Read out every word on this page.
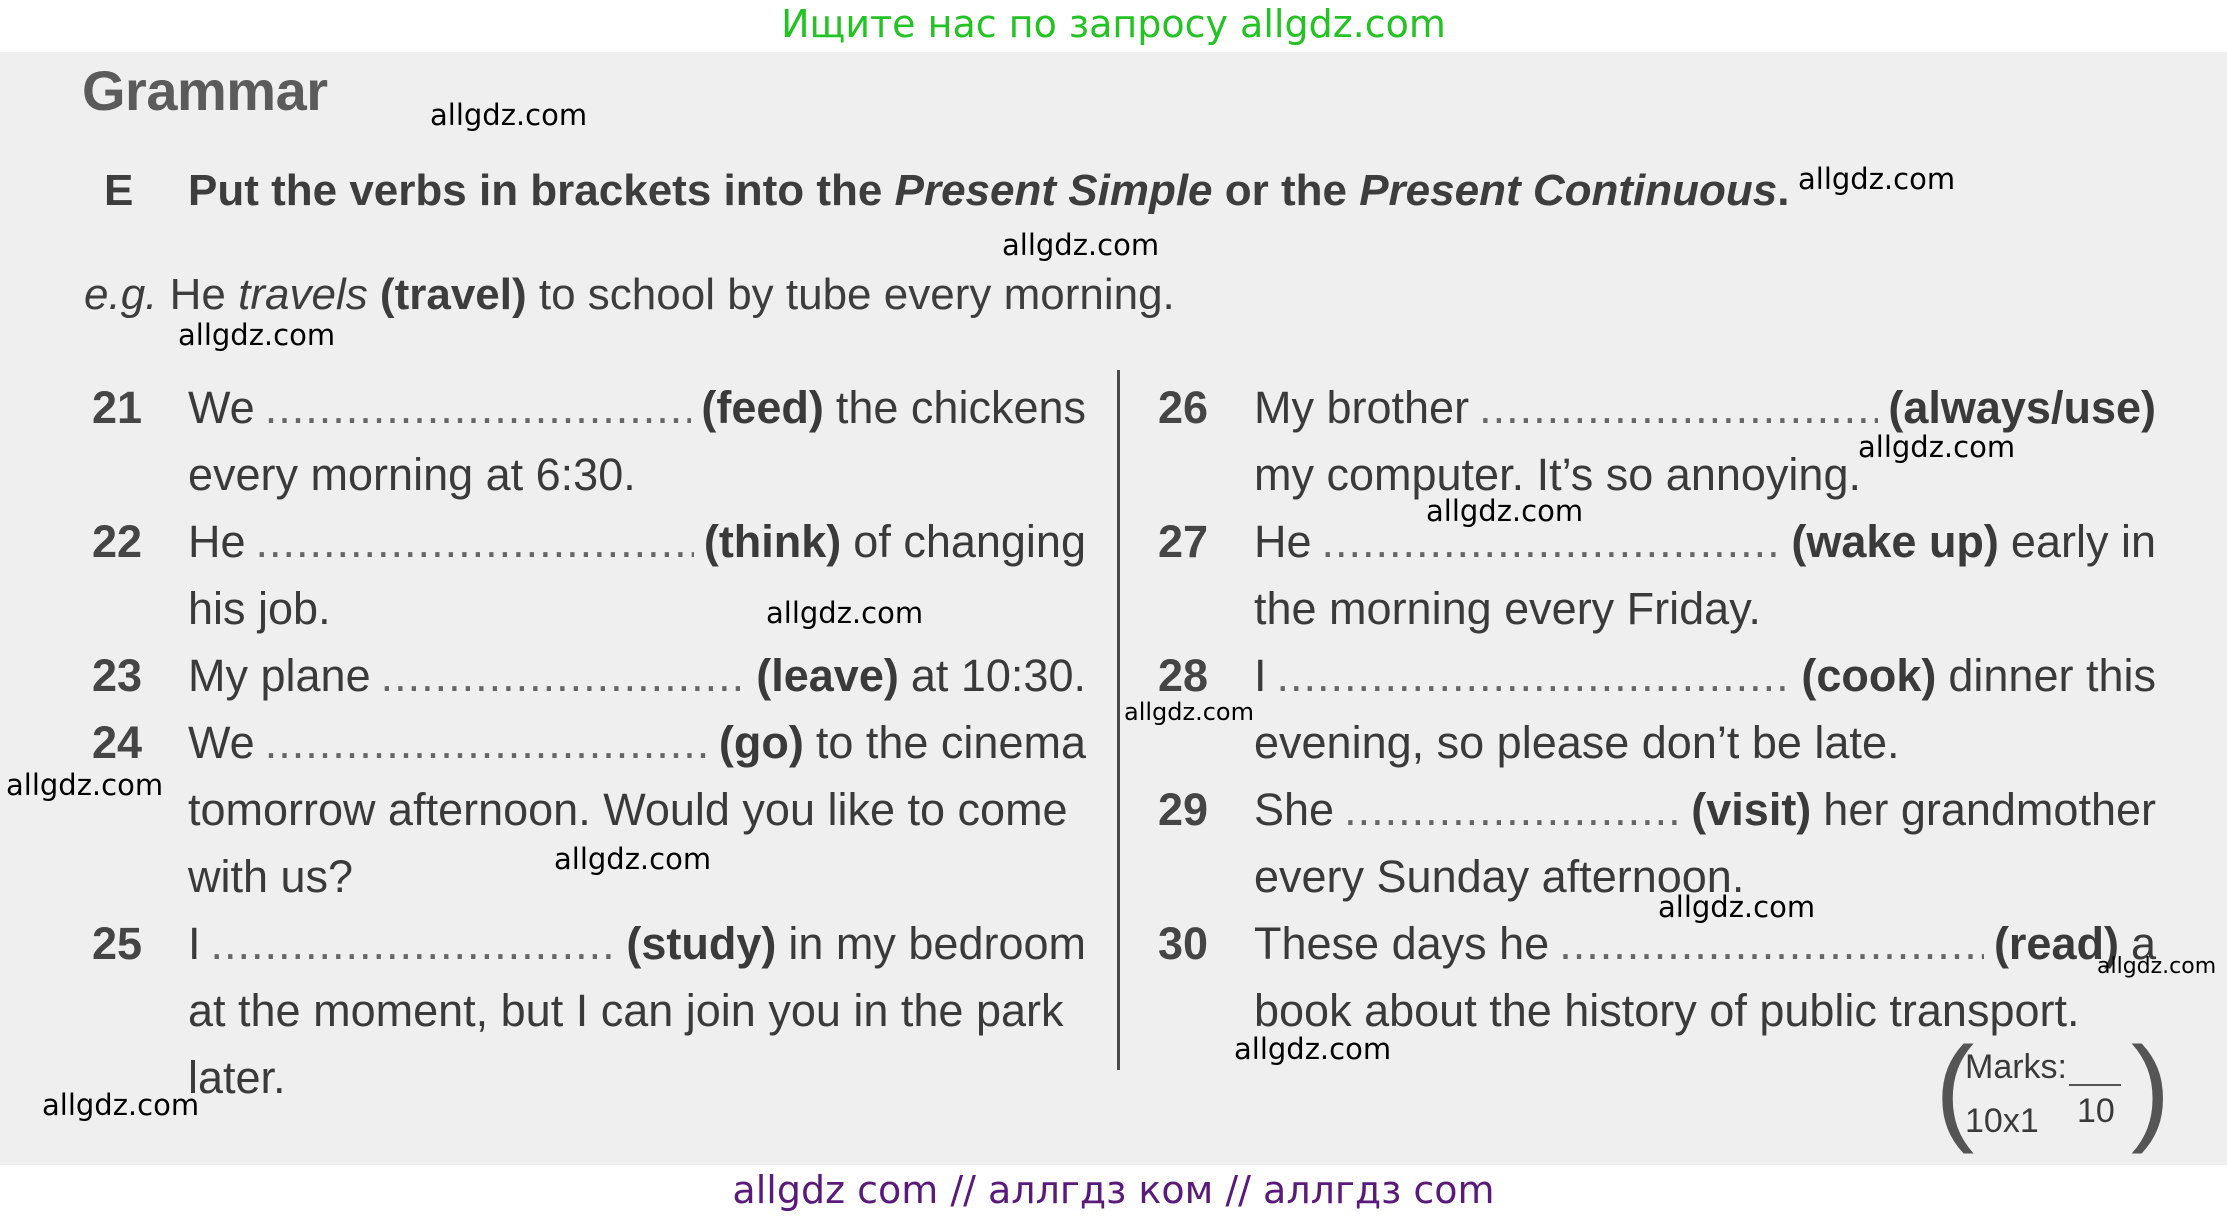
Ищите нас по запросу allgdz.com
Grammar
E Put the verbs in brackets into the Present Simple or the Present Continuous.
e.g. He travels (travel) to school by tube every morning.
21 We .....	(feed) the chickens
every morning at 6:30.
22 He .....	(think) of changing
his job.
23 My plane .....	(leave) at 10:30.
24 We .....	(go) to the cinema
tomorrow afternoon. Would you like to come
with us?
25 I .....	(study) in my bedroom
at the moment, but I can join you in the park
later.
26 My brother .....	(always/use)
my computer. It’s so annoying.
27 He .....	(wake up) early in
the morning every Friday.
28 I .....	(cook) dinner this
evening, so please don’t be late.
29 She .....	(visit) her grandmother
every Sunday afternoon.
30 These days he .....	(read) a
book about the history of public transport.
(
Marks:
10
10x1 )
allgdz.com
allgdz.com
allgdz.com
allgdz.com
allgdz.com
allgdz.com
allgdz.com
allgdz.com
allgdz.com
allgdz.com
allgdz.com
allgdz.com
allgdz.com
allgdz.com
allgdz com // аллгдз ком // аллгдз com
